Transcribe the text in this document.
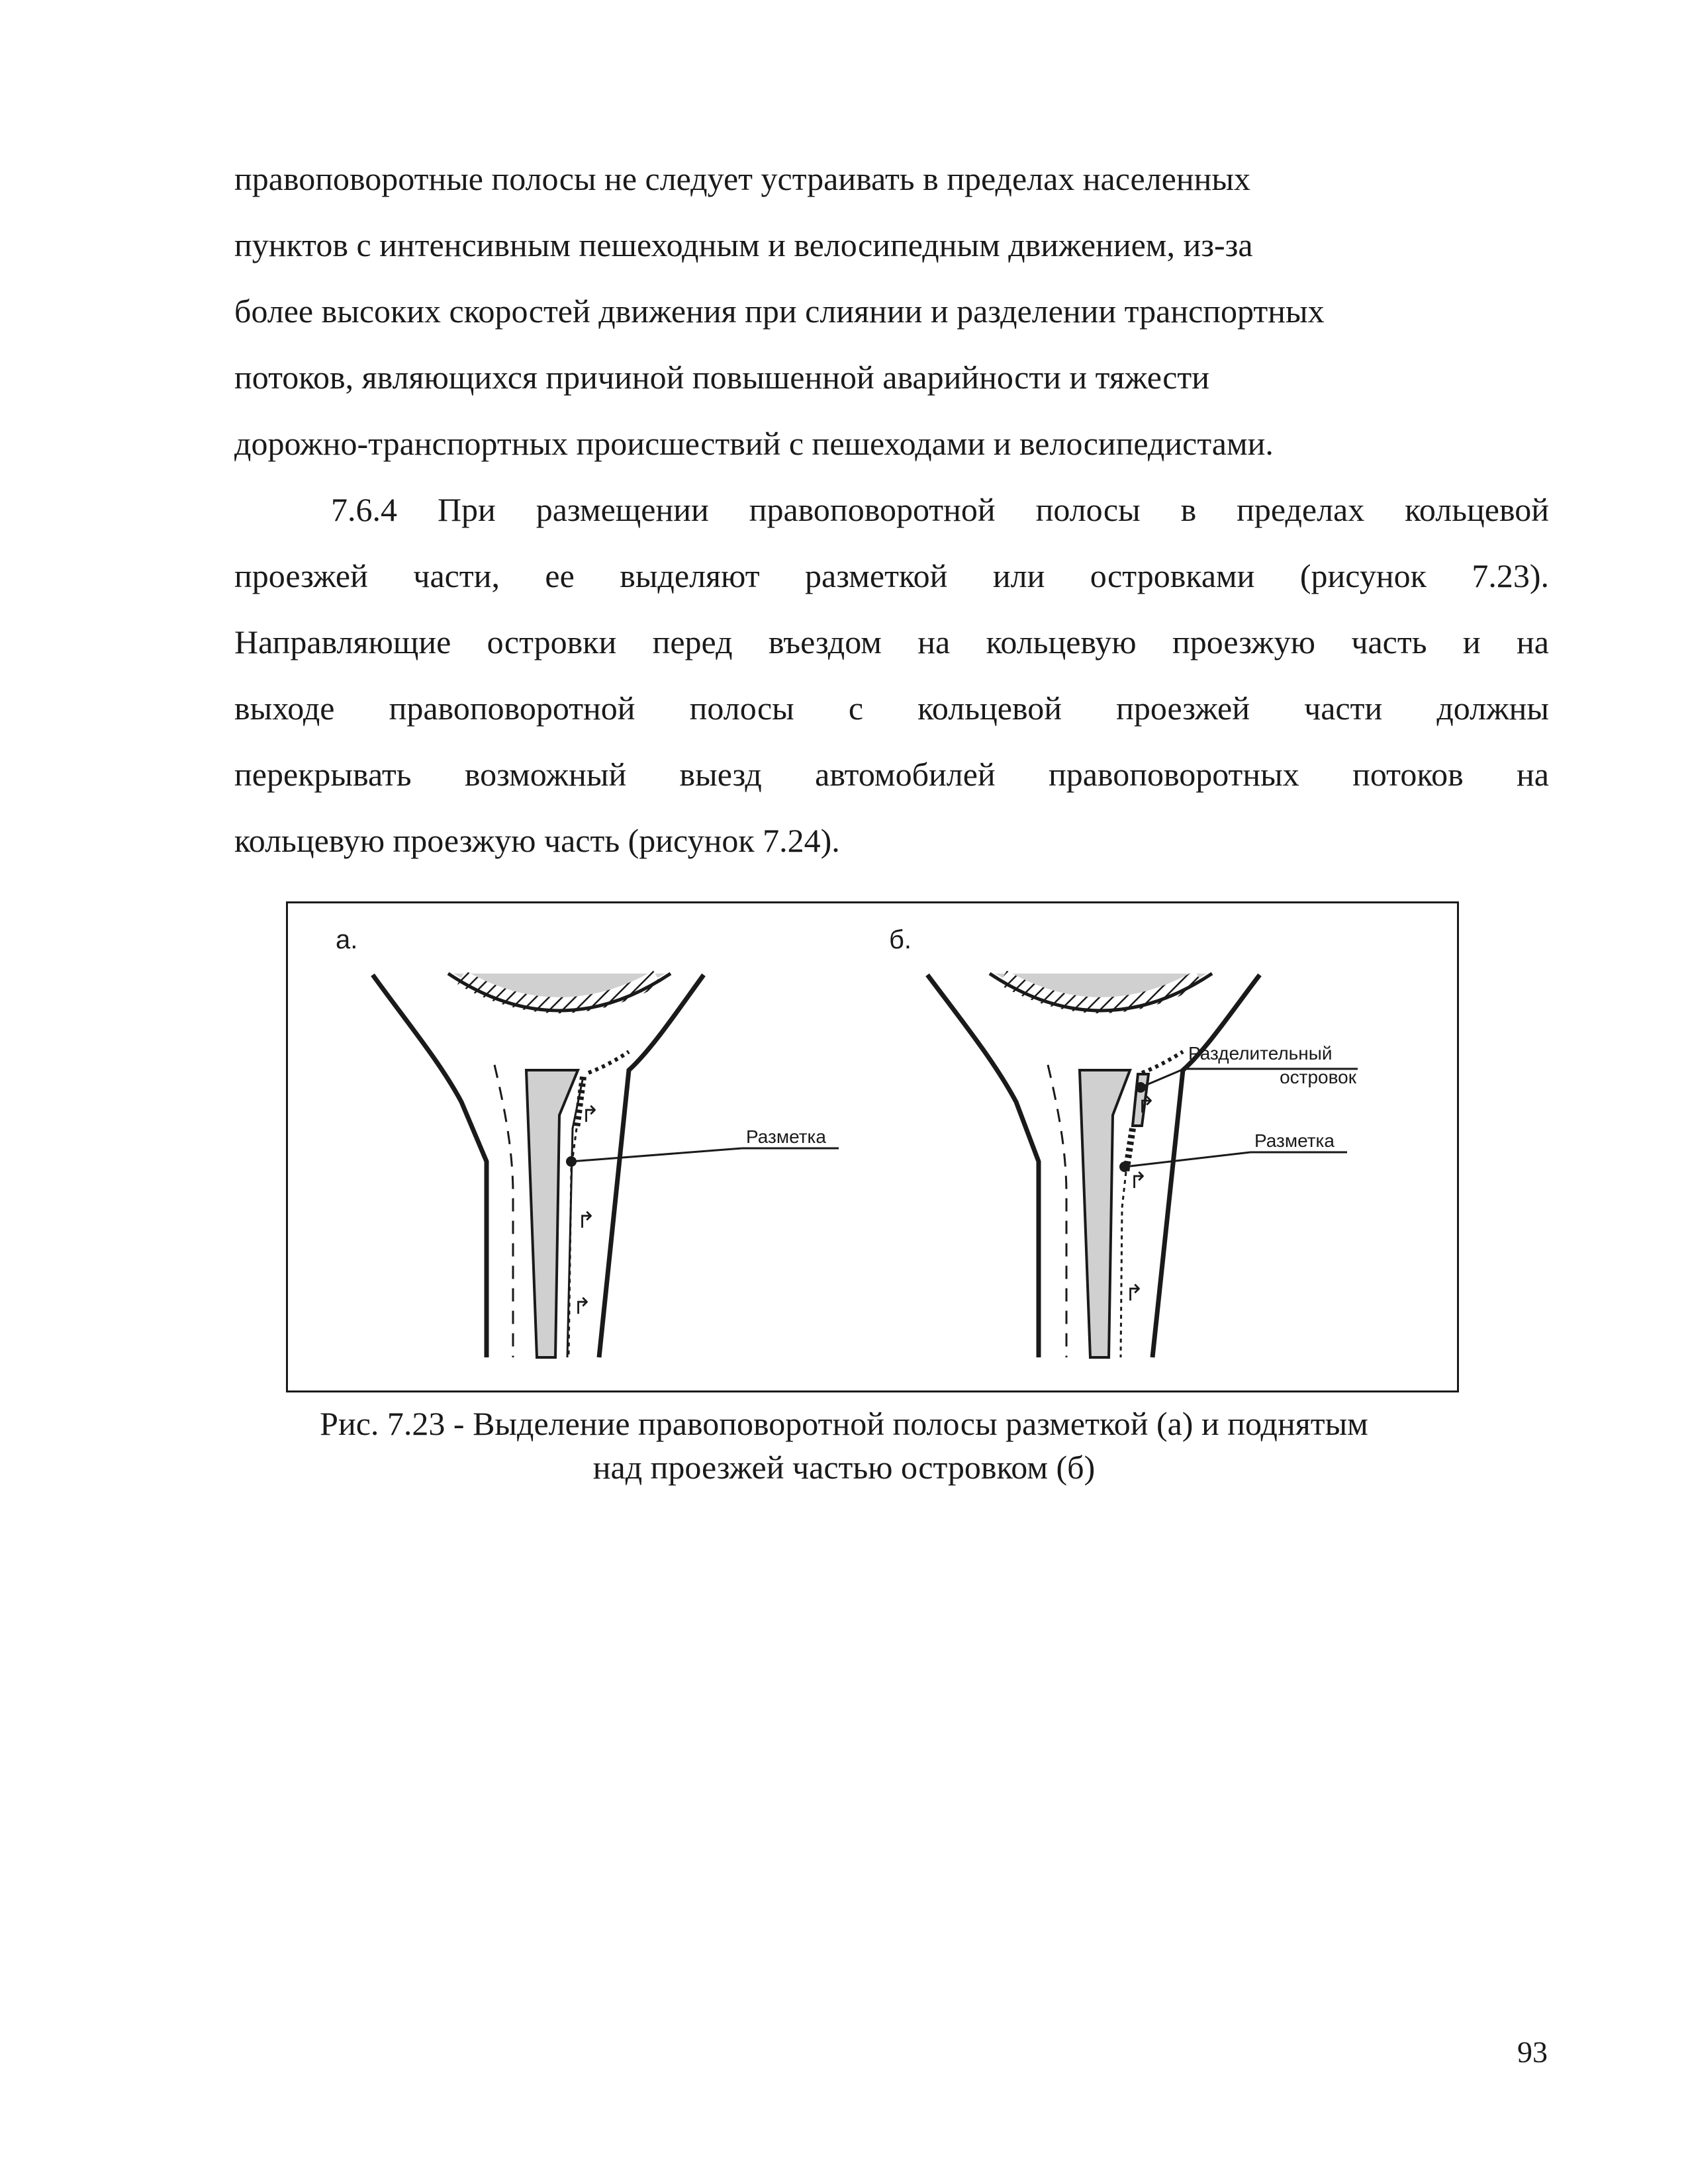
правоповоротные полосы не следует устраивать в пределах населенных
пунктов с интенсивным пешеходным и велосипедным движением, из-за
более высоких скоростей движения при слиянии и разделении транспортных
потоков, являющихся причиной повышенной аварийности и тяжести
дорожно-транспортных происшествий с пешеходами и велосипедистами.
7.6.4 При размещении правоповоротной полосы в пределах кольцевой
проезжей части, ее выделяют разметкой или островками (рисунок 7.23).
Направляющие островки перед въездом на кольцевую проезжую часть и на
выходе правоповоротной полосы с кольцевой проезжей части должны
перекрывать возможный выезд автомобилей правоповоротных потоков на
кольцевую проезжую часть (рисунок 7.24).
а.
↱
↱
↱
Разметка
б.
↱
↱
↱
Разделительный
островок
Разметка
Рис. 7.23 - Выделение правоповоротной полосы разметкой (а) и поднятым
над проезжей частью островком (б)
93
